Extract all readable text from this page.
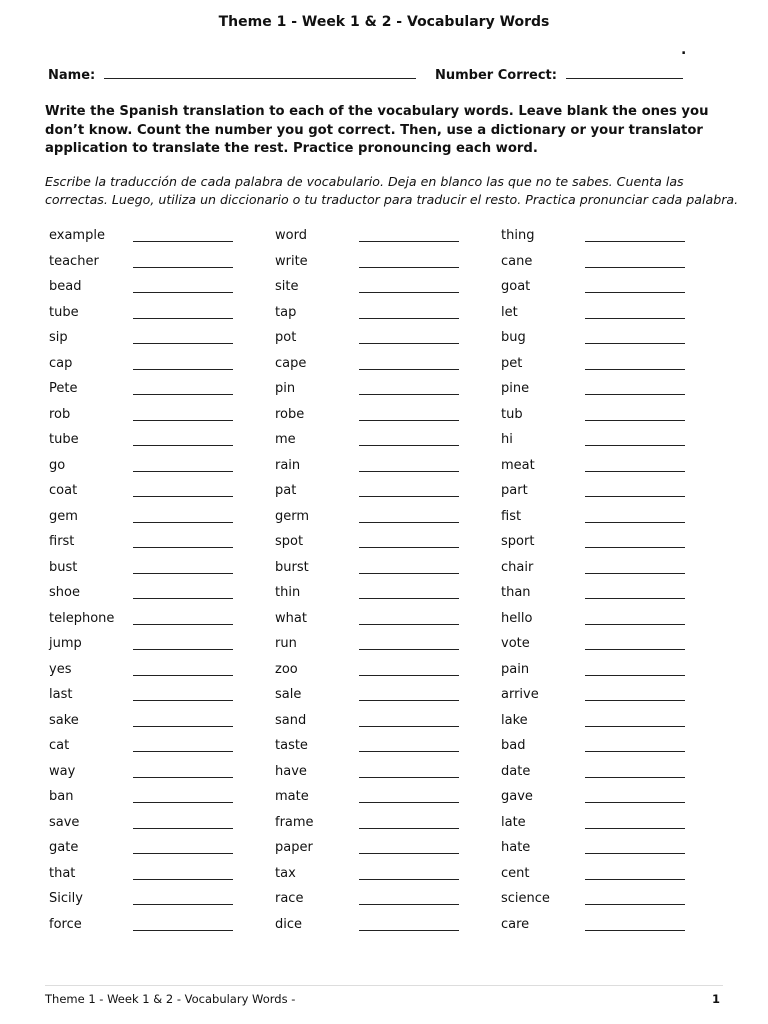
Theme 1 - Week 1 & 2 - Vocabulary Words
.
Name:	Number Correct:
Write the Spanish translation to each of the vocabulary words. Leave blank the ones you don’t know. Count the number you got correct. Then, use a dictionary or your translator application to translate the rest. Practice pronouncing each word.
Escribe la traducción de cada palabra de vocabulario. Deja en blanco las que no te sabes. Cuenta las correctas. Luego, utiliza un diccionario o tu traductor para traducir el resto. Practica pronunciar cada palabra.
example	word	thing
teacher	write	cane
bead	site	goat
tube	tap	let
sip	pot	bug
cap	cape	pet
Pete	pin	pine
rob	robe	tub
tube	me	hi
go	rain	meat
coat	pat	part
gem	germ	fist
first	spot	sport
bust	burst	chair
shoe	thin	than
telephone	what	hello
jump	run	vote
yes	zoo	pain
last	sale	arrive
sake	sand	lake
cat	taste	bad
way	have	date
ban	mate	gave
save	frame	late
gate	paper	hate
that	tax	cent
Sicily	race	science
force	dice	care
Theme 1 - Week 1 & 2 - Vocabulary Words -	1
